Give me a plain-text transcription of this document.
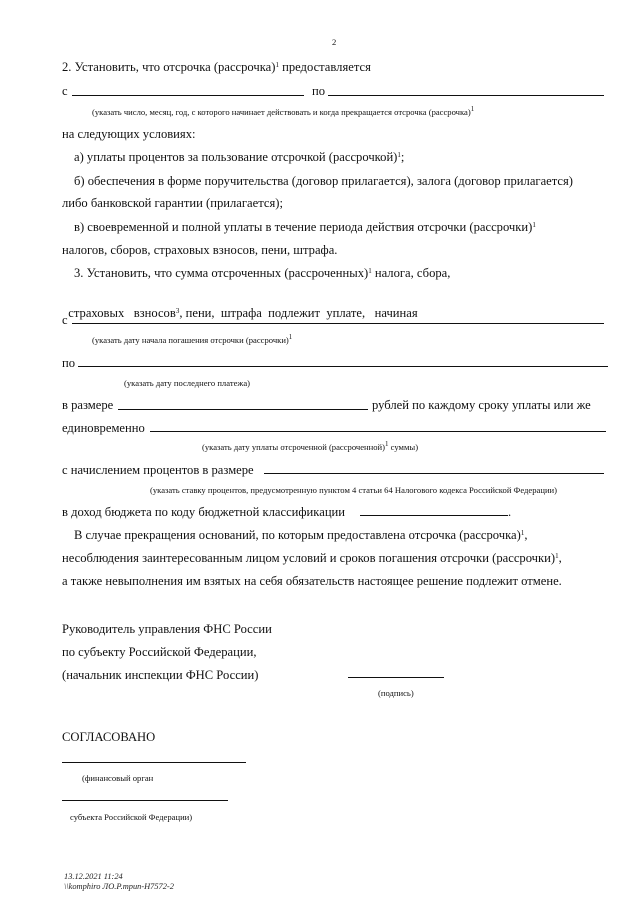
2
2. Установить, что отсрочка (рассрочка)$^1$ предоставляется
с	по
(указать число, месяц, год, с которого начинает действовать и когда прекращается отсрочка (рассрочка)$^1$
на следующих условиях:
а) уплаты процентов за пользование отсрочкой (рассрочкой)$^1$;
б) обеспечения в форме поручительства (договор прилагается), залога (договор прилагается)
либо банковской гарантии (прилагается);
в) своевременной и полной уплаты в течение периода действия отсрочки (рассрочки)$^1$
налогов, сборов, страховых взносов, пени, штрафа.
3. Установить, что сумма отсроченных (рассроченных)$^1$ налога, сбора,

страховых   взносов$^3$, пени,  штрафа  подлежит  уплате,   начиная

с
(указать дату начала погашения отсрочки (рассрочки)$^1$
по
(указать дату последнего платежа)
в размере	рублей по каждому сроку уплаты или же
единовременно
(указать дату уплаты отсроченной (рассроченной)$^1$ суммы)
с начислением процентов в размере
(указать ставку процентов, предусмотренную пунктом 4 статьи 64 Налогового кодекса Российской Федерации)
в доход бюджета по коду бюджетной классификации	.
В случае прекращения оснований, по которым предоставлена отсрочка (рассрочка)$^1$,
несоблюдения заинтересованным лицом условий и сроков погашения отсрочки (рассрочки)$^1$,
а также невыполнения им взятых на себя обязательств настоящее решение подлежит отмене.
Руководитель управления ФНС России
по субъекту Российской Федерации,
(начальник инспекции ФНС России)
(подпись)
СОГЛАСОВАНО
(финансовый орган
субъекта Российской Федерации)
13.12.2021 11:24
\\komphiro ЛО.Р.трип-Н7572-2
